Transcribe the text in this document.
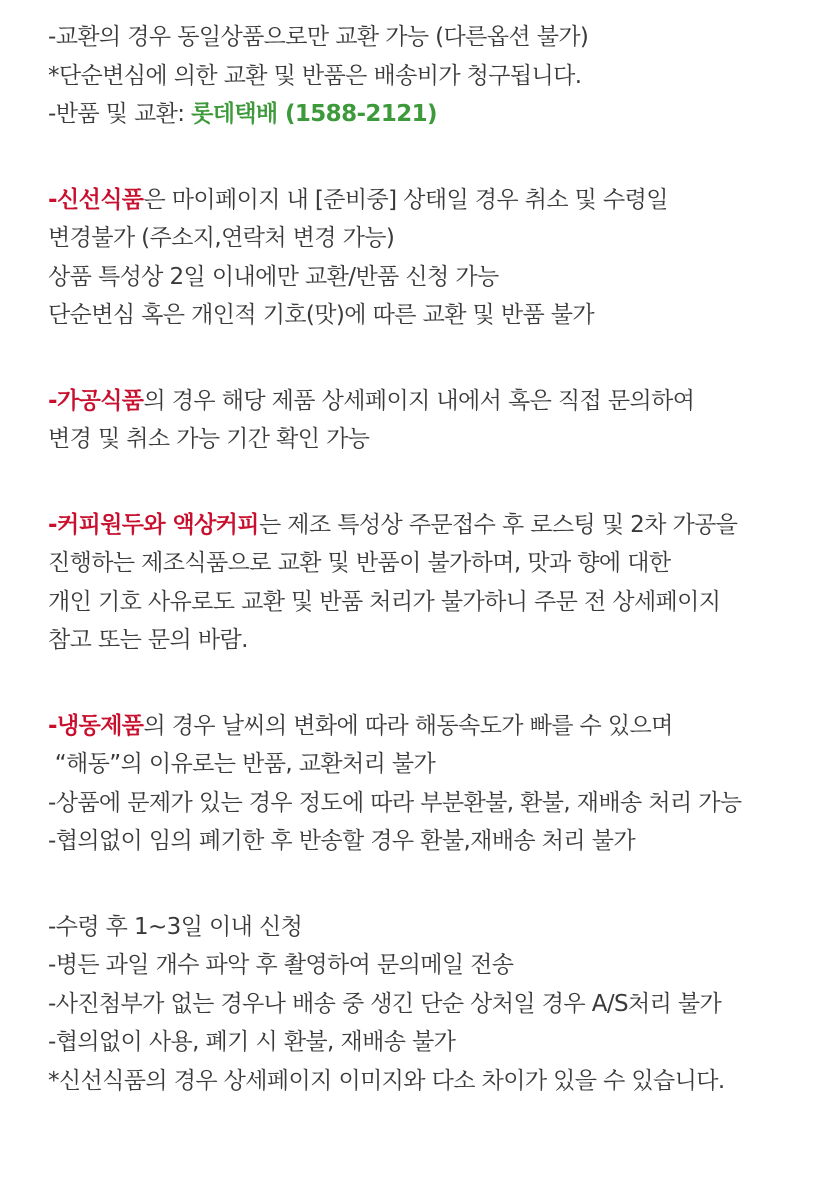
-교환의 경우 동일상품으로만 교환 가능 (다른옵션 불가)
*단순변심에 의한 교환 및 반품은 배송비가 청구됩니다.
-반품 및 교환: 롯데택배 (1588-2121)
-신선식품은 마이페이지 내 [준비중] 상태일 경우 취소 및 수령일
변경불가 (주소지,연락처 변경 가능)
상품 특성상 2일 이내에만 교환/반품 신청 가능
단순변심 혹은 개인적 기호(맛)에 따른 교환 및 반품 불가
-가공식품의 경우 해당 제품 상세페이지 내에서 혹은 직접 문의하여
변경 및 취소 가능 기간 확인 가능
-커피원두와 액상커피는 제조 특성상 주문접수 후 로스팅 및 2차 가공을
진행하는 제조식품으로 교환 및 반품이 불가하며, 맛과 향에 대한
개인 기호 사유로도 교환 및 반품 처리가 불가하니 주문 전 상세페이지
참고 또는 문의 바람.
-냉동제품의 경우 날씨의 변화에 따라 해동속도가 빠를 수 있으며
“해동”의 이유로는 반품, 교환처리 불가
-상품에 문제가 있는 경우 정도에 따라 부분환불, 환불, 재배송 처리 가능
-협의없이 임의 폐기한 후 반송할 경우 환불,재배송 처리 불가
-수령 후 1~3일 이내 신청
-병든 과일 개수 파악 후 촬영하여 문의메일 전송
-사진첨부가 없는 경우나 배송 중 생긴 단순 상처일 경우 A/S처리 불가
-협의없이 사용, 폐기 시 환불, 재배송 불가
*신선식품의 경우 상세페이지 이미지와 다소 차이가 있을 수 있습니다.
